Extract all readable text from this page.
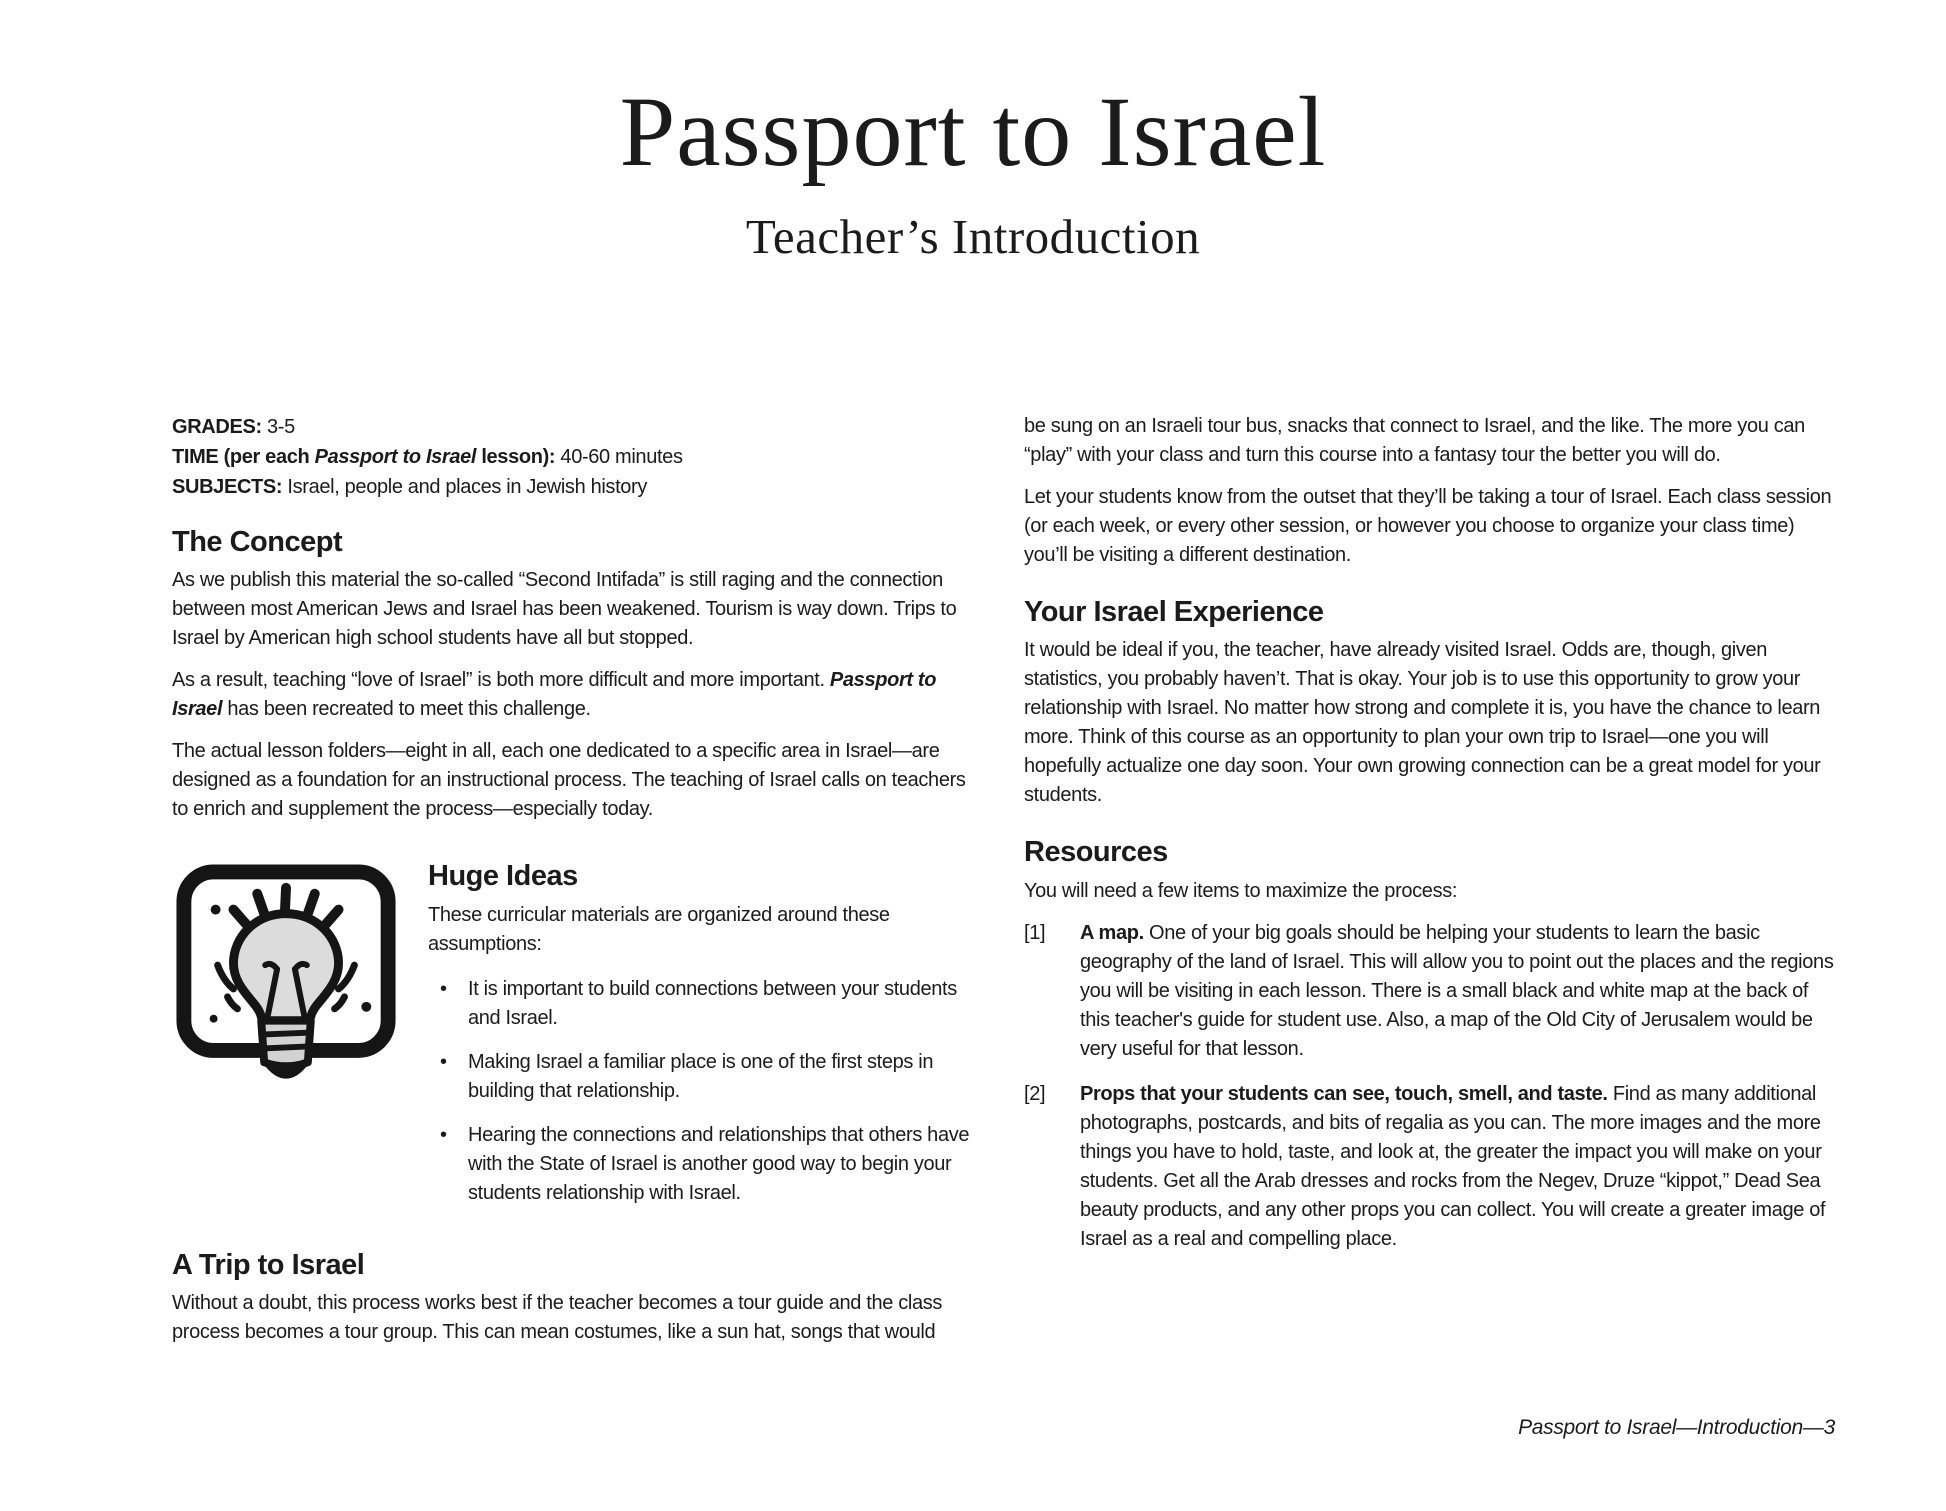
Passport to Israel
Teacher’s Introduction
GRADES: 3-5
TIME (per each Passport to Israel lesson): 40-60 minutes
SUBJECTS: Israel, people and places in Jewish history
The Concept

As we publish this material the so-called “Second Intifada” is still raging and the connection between most American Jews and Israel has been weakened. Tourism is way down. Trips to Israel by American high school students have all but stopped.

As a result, teaching “love of Israel” is both more difficult and more important. Passport to Israel has been recreated to meet this challenge.

The actual lesson folders—eight in all, each one dedicated to a specific area in Israel—are designed as a foundation for an instructional process. The teaching of Israel calls on teachers to enrich and supplement the process—especially today.

Huge Ideas

These curricular materials are organized around these assumptions:

• It is important to build connections between your students and Israel.
• Making Israel a familiar place is one of the first steps in building that relationship.
• Hearing the connections and relationships that others have with the State of Israel is another good way to begin your students relationship with Israel.
A Trip to Israel

Without a doubt, this process works best if the teacher becomes a tour guide and the class process becomes a tour group. This can mean costumes, like a sun hat, songs that would

be sung on an Israeli tour bus, snacks that connect to Israel, and the like. The more you can “play” with your class and turn this course into a fantasy tour the better you will do.

Let your students know from the outset that they’ll be taking a tour of Israel. Each class session (or each week, or every other session, or however you choose to organize your class time) you’ll be visiting a different destination.

Your Israel Experience

It would be ideal if you, the teacher, have already visited Israel. Odds are, though, given statistics, you probably haven’t. That is okay. Your job is to use this opportunity to grow your relationship with Israel. No matter how strong and complete it is, you have the chance to learn more. Think of this course as an opportunity to plan your own trip to Israel—one you will hopefully actualize one day soon. Your own growing connection can be a great model for your students.

Resources

You will need a few items to maximize the process:

[1] A map. One of your big goals should be helping your students to learn the basic geography of the land of Israel. This will allow you to point out the places and the regions you will be visiting in each lesson. There is a small black and white map at the back of this teacher's guide for student use. Also, a map of the Old City of Jerusalem would be very useful for that lesson.
[2] Props that your students can see, touch, smell, and taste. Find as many additional photographs, postcards, and bits of regalia as you can. The more images and the more things you have to hold, taste, and look at, the greater the impact you will make on your students. Get all the Arab dresses and rocks from the Negev, Druze “kippot,” Dead Sea beauty products, and any other props you can collect. You will create a greater image of Israel as a real and compelling place.
Passport to Israel—Introduction—3
